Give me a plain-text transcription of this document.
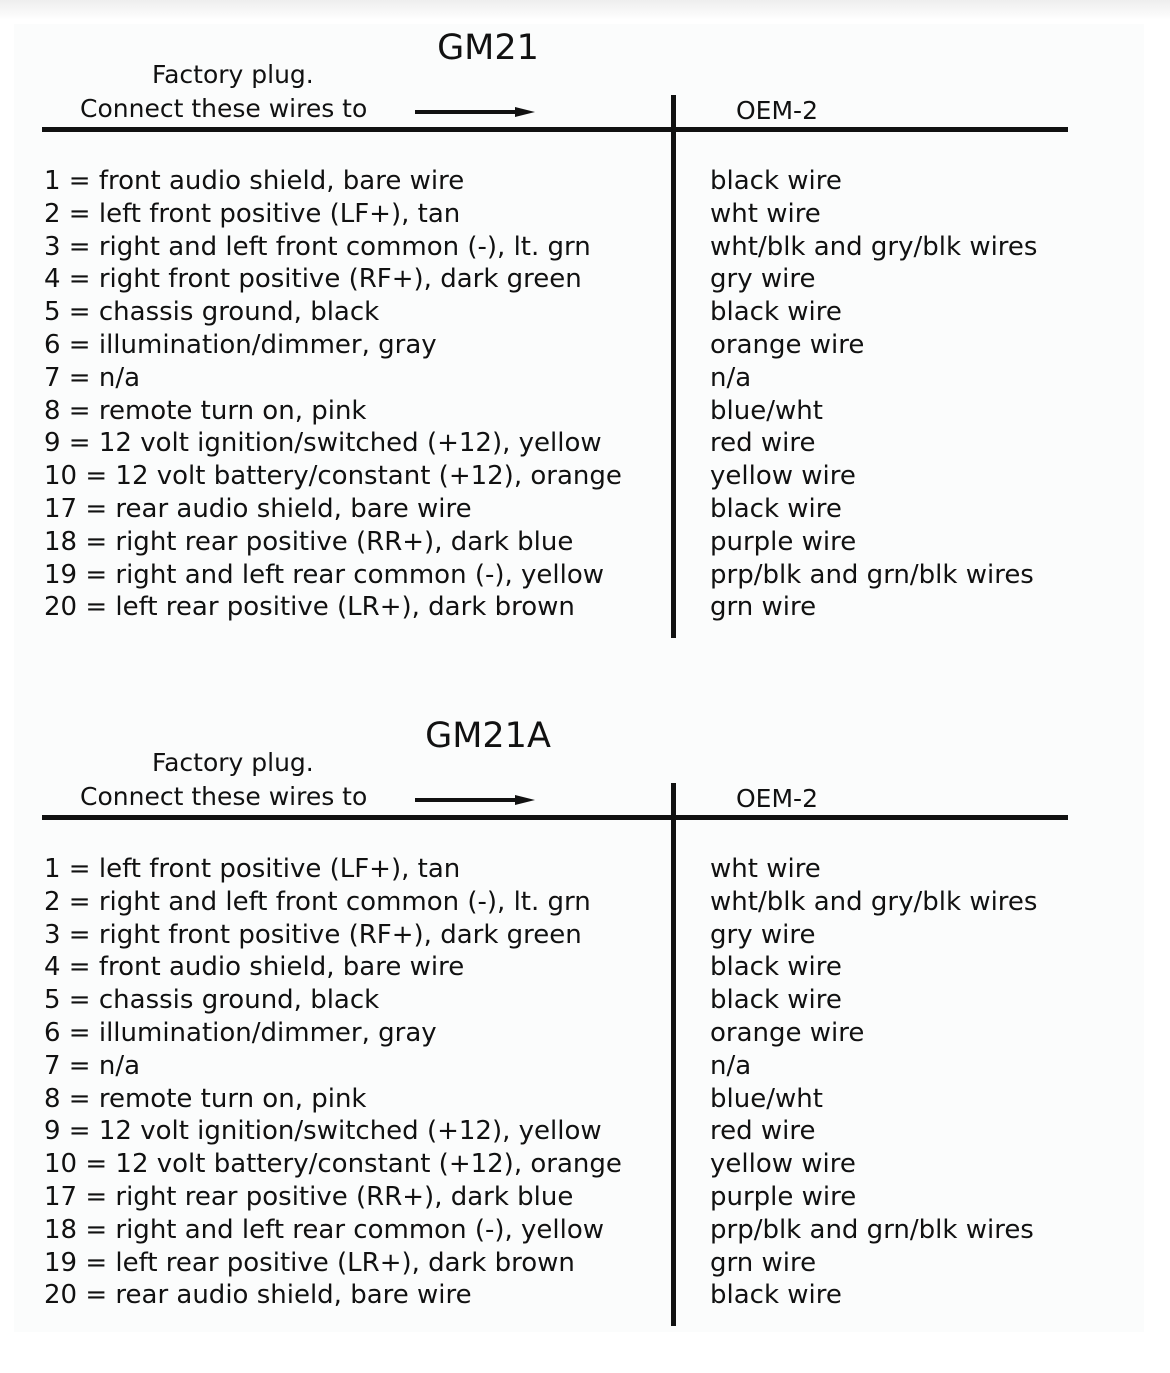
GM21
Factory plug.
Connect these wires to	OEM-2
1 = front audio shield, bare wire
2 = left front positive (LF+), tan
3 = right and left front common (-), lt. grn
4 = right front positive (RF+), dark green
5 = chassis ground, black
6 = illumination/dimmer, gray
7 = n/a
8 = remote turn on, pink
9 = 12 volt ignition/switched (+12), yellow
10 = 12 volt battery/constant (+12), orange
17 = rear audio shield, bare wire
18 = right rear positive (RR+), dark blue
19 = right and left rear common (-), yellow
20 = left rear positive (LR+), dark brown
black wire
wht wire
wht/blk and gry/blk wires
gry wire
black wire
orange wire
n/a
blue/wht
red wire
yellow wire
black wire
purple wire
prp/blk and grn/blk wires
grn wire
GM21A
Factory plug.
Connect these wires to	OEM-2
1 = left front positive (LF+), tan
2 = right and left front common (-), lt. grn
3 = right front positive (RF+), dark green
4 = front audio shield, bare wire
5 = chassis ground, black
6 = illumination/dimmer, gray
7 = n/a
8 = remote turn on, pink
9 = 12 volt ignition/switched (+12), yellow
10 = 12 volt battery/constant (+12), orange
17 = right rear positive (RR+), dark blue
18 = right and left rear common (-), yellow
19 = left rear positive (LR+), dark brown
20 = rear audio shield, bare wire
wht wire
wht/blk and gry/blk wires
gry wire
black wire
black wire
orange wire
n/a
blue/wht
red wire
yellow wire
purple wire
prp/blk and grn/blk wires
grn wire
black wire
